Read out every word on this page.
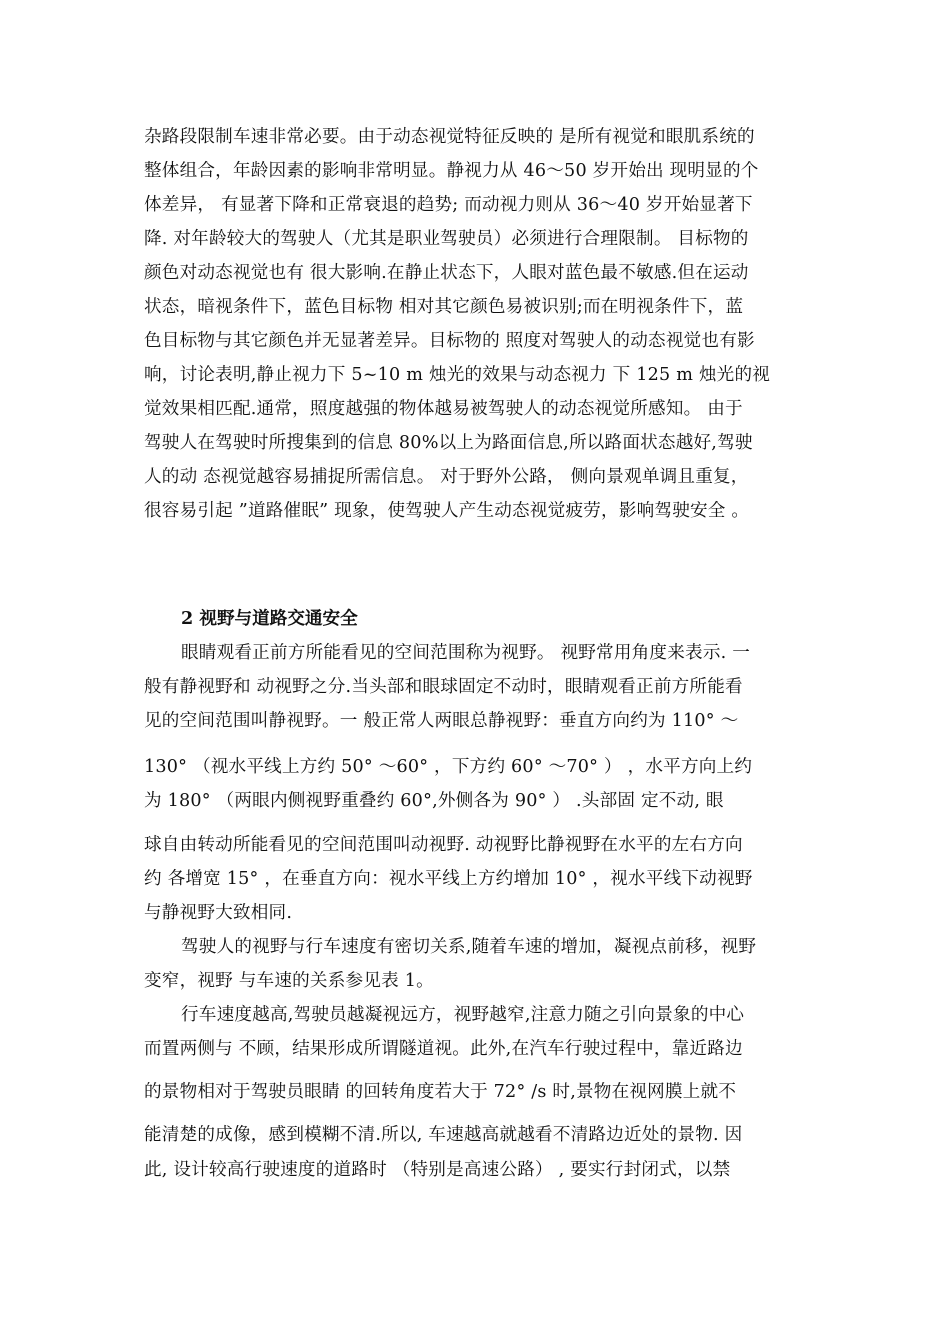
杂路段限制车速非常必要。由于动态视觉特征反映的 是所有视觉和眼肌系统的
整体组合，年龄因素的影响非常明显。静视力从 46～50 岁开始出 现明显的个
体差异， 有显著下降和正常衰退的趋势; 而动视力则从 36～40 岁开始显著下
降. 对年龄较大的驾驶人（尤其是职业驾驶员）必须进行合理限制。 目标物的
颜色对动态视觉也有 很大影响.在静止状态下，人眼对蓝色最不敏感.但在运动
状态，暗视条件下，蓝色目标物 相对其它颜色易被识别;而在明视条件下，蓝
色目标物与其它颜色并无显著差异。目标物的 照度对驾驶人的动态视觉也有影
响，讨论表明,静止视力下 5~10 m 烛光的效果与动态视力 下 125 m 烛光的视
觉效果相匹配.通常，照度越强的物体越易被驾驶人的动态视觉所感知。 由于
驾驶人在驾驶时所搜集到的信息 80%以上为路面信息,所以路面状态越好,驾驶
人的动 态视觉越容易捕捉所需信息。 对于野外公路， 侧向景观单调且重复，
很容易引起 ”道路催眠” 现象，使驾驶人产生动态视觉疲劳，影响驾驶安全 。
2 视野与道路交通安全
眼睛观看正前方所能看见的空间范围称为视野。 视野常用角度来表示. 一
般有静视野和 动视野之分.当头部和眼球固定不动时，眼睛观看正前方所能看
见的空间范围叫静视野。一 般正常人两眼总静视野：垂直方向约为 110° ～
130° （视水平线上方约 50° ～60° ，下方约 60° ～70° ） ，水平方向上约
为 180° （两眼内侧视野重叠约 60°,外侧各为 90° ） .头部固 定不动, 眼
球自由转动所能看见的空间范围叫动视野. 动视野比静视野在水平的左右方向
约 各增宽 15° ，在垂直方向：视水平线上方约增加 10° ，视水平线下动视野
与静视野大致相同.
驾驶人的视野与行车速度有密切关系,随着车速的增加，凝视点前移，视野
变窄，视野 与车速的关系参见表 1。
行车速度越高,驾驶员越凝视远方，视野越窄,注意力随之引向景象的中心
而置两侧与 不顾，结果形成所谓隧道视。此外,在汽车行驶过程中，靠近路边
的景物相对于驾驶员眼睛 的回转角度若大于 72° /s 时,景物在视网膜上就不
能清楚的成像，感到模糊不清.所以, 车速越高就越看不清路边近处的景物. 因
此, 设计较高行驶速度的道路时 （特别是高速公路） , 要实行封闭式，以禁
